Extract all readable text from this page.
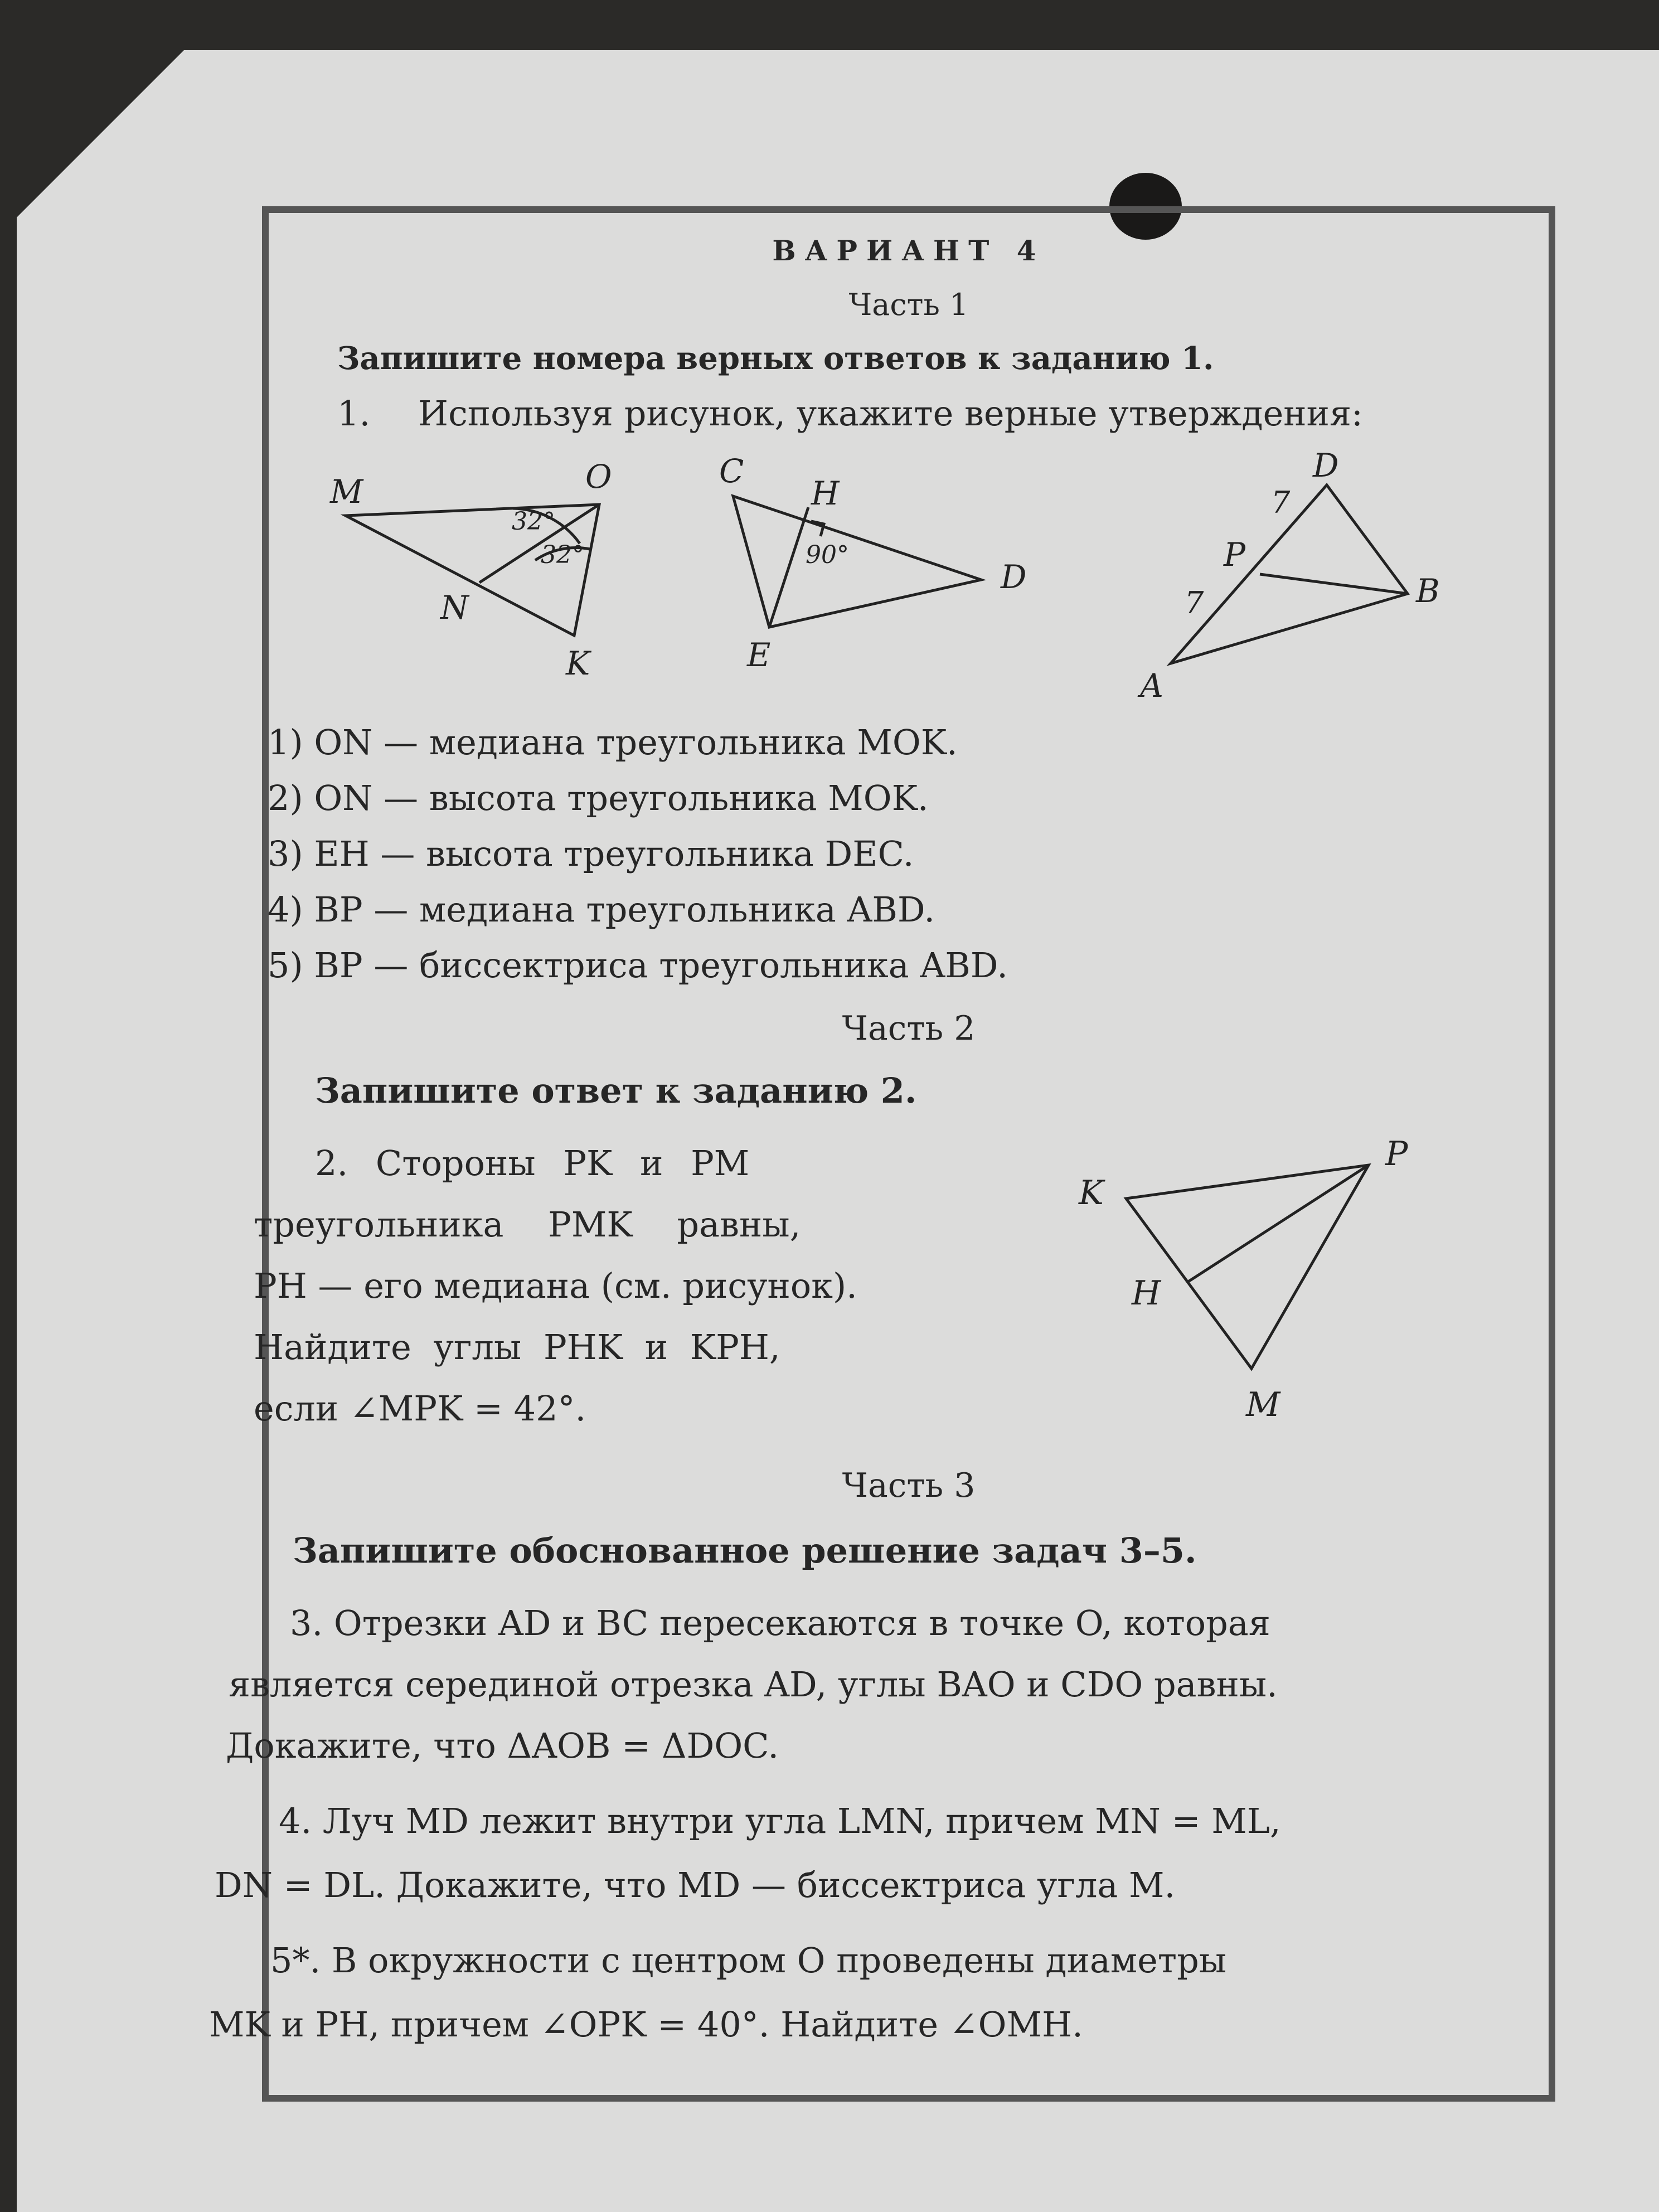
ВАРИАНТ 4
Часть 1
Запишите номера верных ответов к заданию 1.
1. Используя рисунок, укажите верные утверждения:
M	O
N
K
32°
32°
C
H
D
E
90°
D
7
P
B
7
A
1) ON — медиана треугольника MOK.
2) ON — высота треугольника MOK.
3) EH — высота треугольника DEC.
4) BP — медиана треугольника ABD.
5) BP — биссектриса треугольника ABD.
Часть 2
Запишите ответ к заданию 2.
2. Стороны PK и PM
треугольника PMK равны,
PH — его медиана (см. рисунок).
Найдите углы PHK и KPH,
если ∠MPK = 42°.
K
P
H
M
Часть 3
Запишите обоснованное решение задач 3–5.
3. Отрезки AD и BC пересекаются в точке O, которая
является серединой отрезка AD, углы BAO и CDO равны.
Докажите, что ΔAOB = ΔDOC.
4. Луч MD лежит внутри угла LMN, причем MN = ML,
DN = DL. Докажите, что MD — биссектриса угла M.
5*. В окружности с центром O проведены диаметры
MK и PH, причем ∠OPK = 40°. Найдите ∠OMH.
